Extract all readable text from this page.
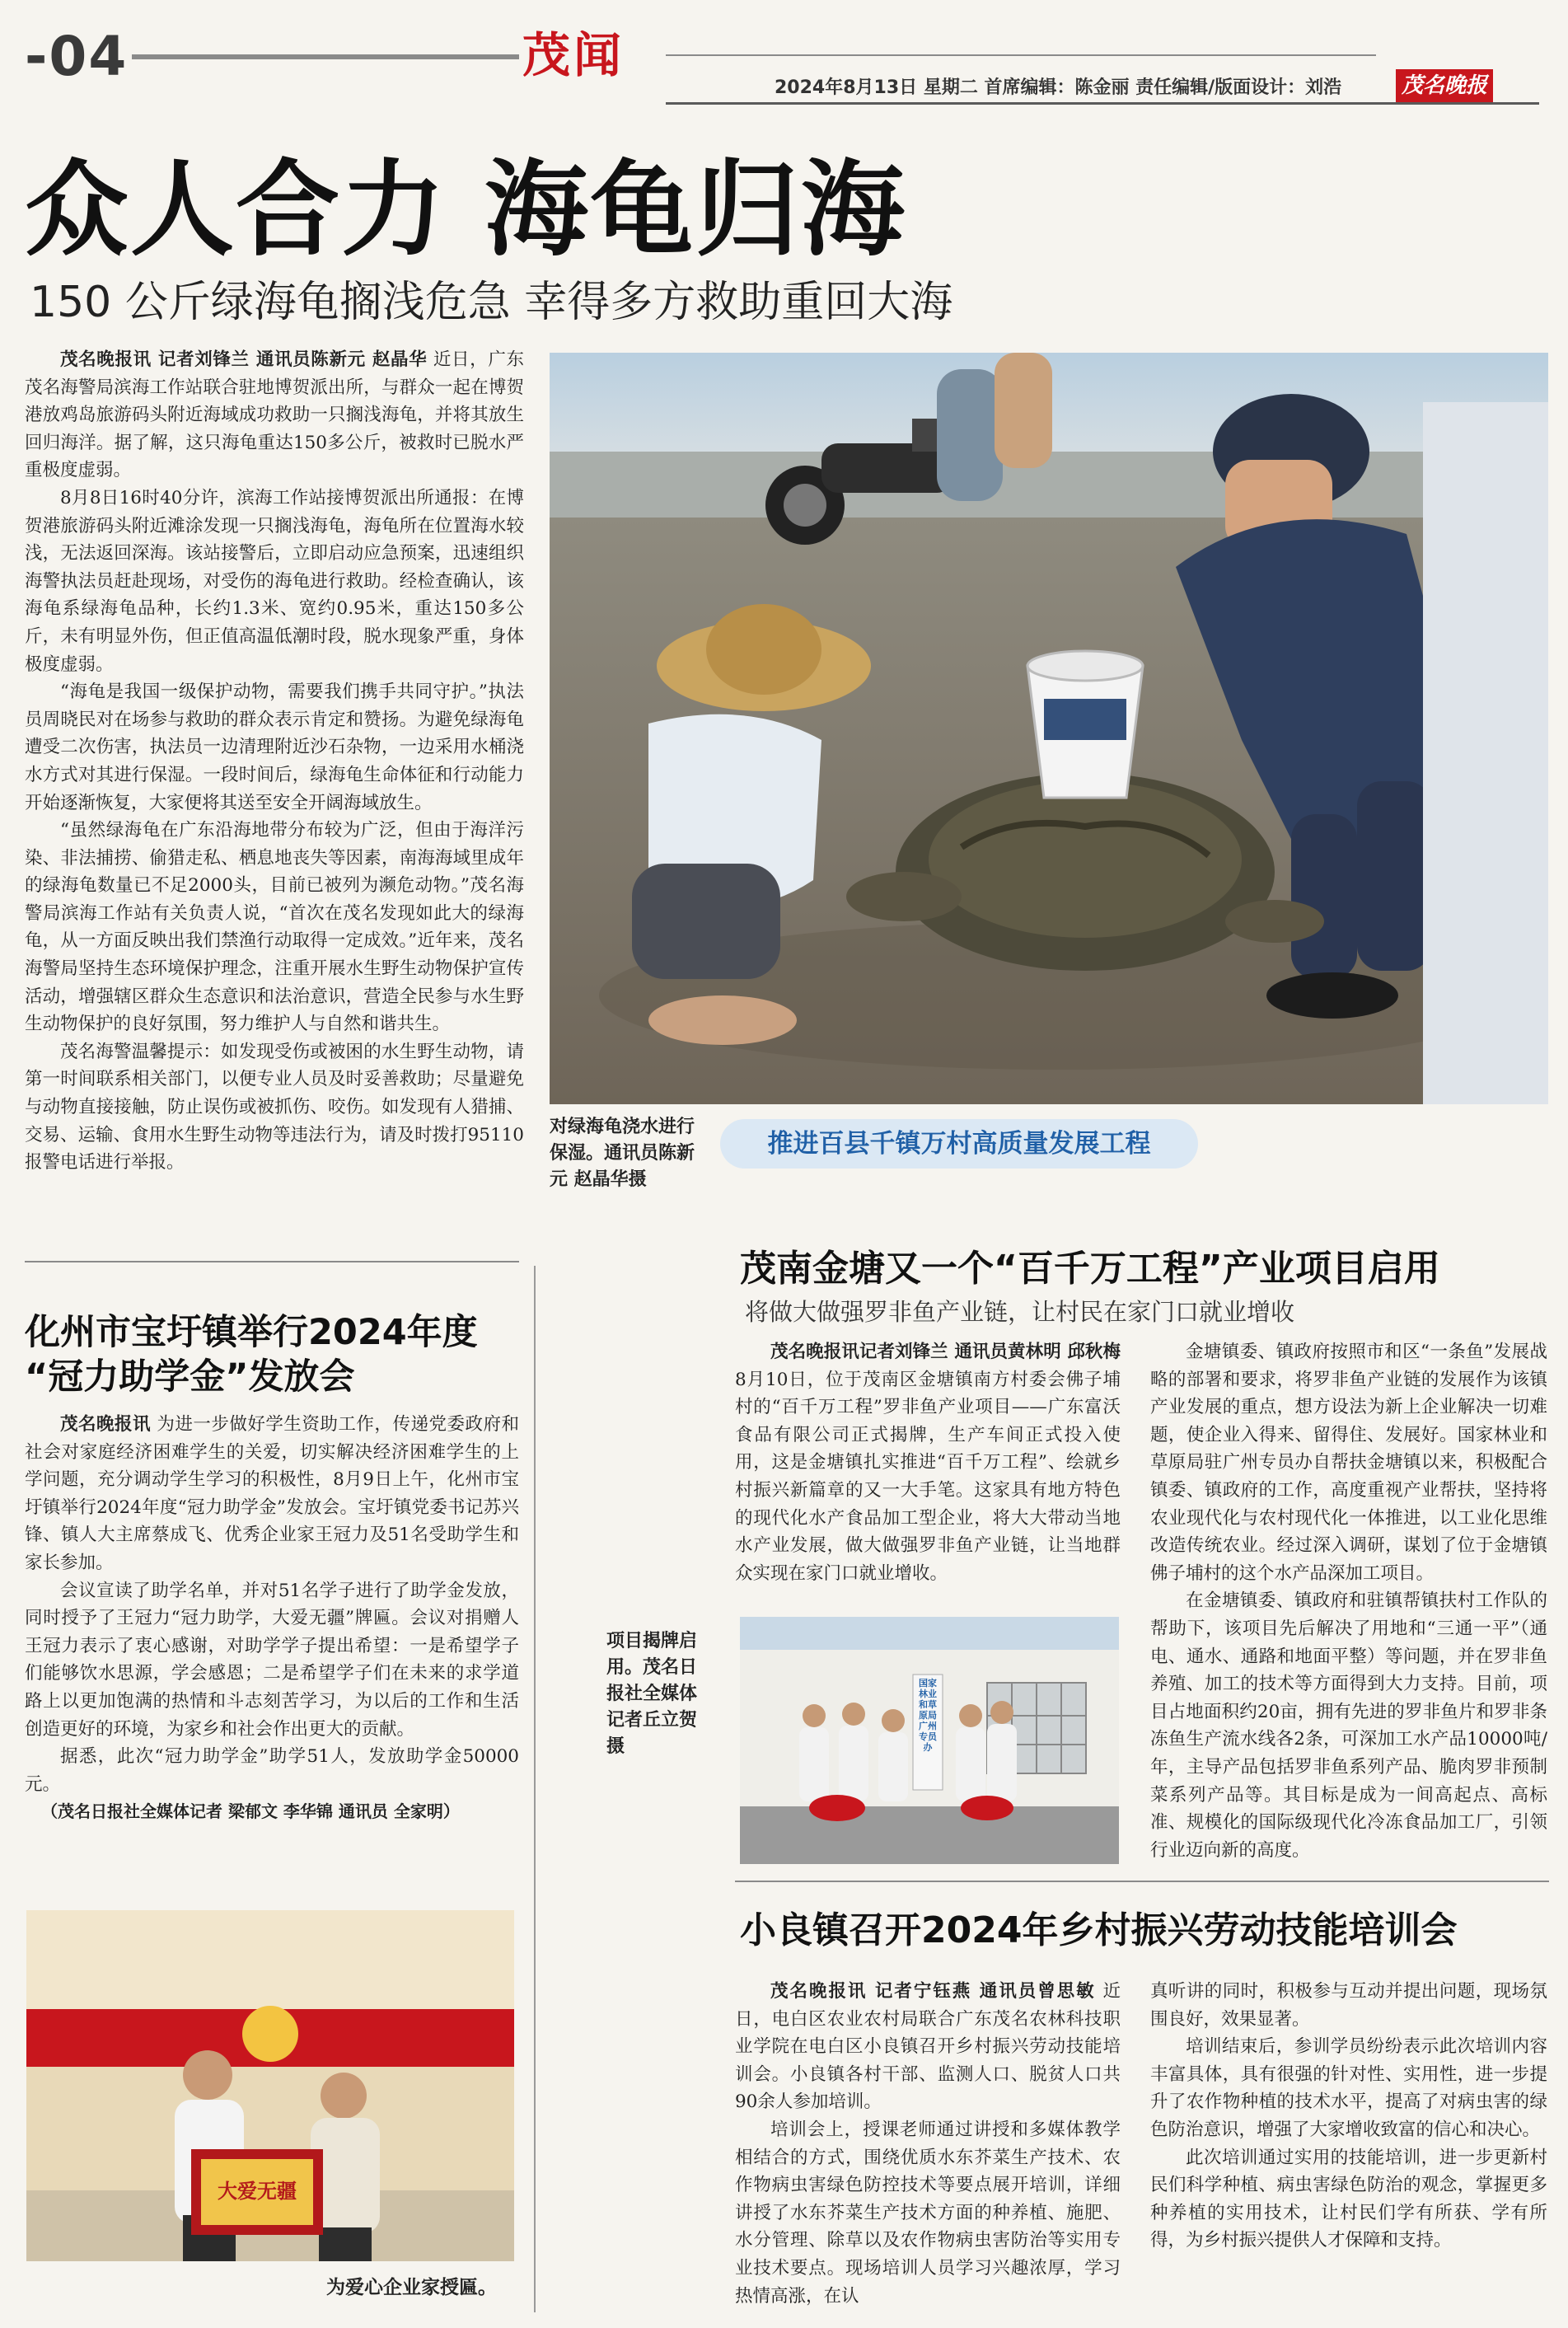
-04	茂闻
2024年8月13日 星期二 首席编辑：陈金丽 责任编辑/版面设计：刘浩	茂名晚报
众人合力 海龟归海
150 公斤绿海龟搁浅危急 幸得多方救助重回大海

茂名晚报讯 记者刘锋兰 通讯员陈新元 赵晶华 近日，广东茂名海警局滨海工作站联合驻地博贺派出所，与群众一起在博贺港放鸡岛旅游码头附近海域成功救助一只搁浅海龟，并将其放生回归海洋。据了解，这只海龟重达150多公斤，被救时已脱水严重极度虚弱。

8月8日16时40分许，滨海工作站接博贺派出所通报：在博贺港旅游码头附近滩涂发现一只搁浅海龟，海龟所在位置海水较浅，无法返回深海。该站接警后，立即启动应急预案，迅速组织海警执法员赶赴现场，对受伤的海龟进行救助。经检查确认，该海龟系绿海龟品种，长约1.3米、宽约0.95米，重达150多公斤，未有明显外伤，但正值高温低潮时段，脱水现象严重，身体极度虚弱。

“海龟是我国一级保护动物，需要我们携手共同守护。”执法员周晓民对在场参与救助的群众表示肯定和赞扬。为避免绿海龟遭受二次伤害，执法员一边清理附近沙石杂物，一边采用水桶浇水方式对其进行保湿。一段时间后，绿海龟生命体征和行动能力开始逐渐恢复，大家便将其送至安全开阔海域放生。

“虽然绿海龟在广东沿海地带分布较为广泛，但由于海洋污染、非法捕捞、偷猎走私、栖息地丧失等因素，南海海域里成年的绿海龟数量已不足2000头，目前已被列为濒危动物。”茂名海警局滨海工作站有关负责人说，“首次在茂名发现如此大的绿海龟，从一方面反映出我们禁渔行动取得一定成效。”近年来，茂名海警局坚持生态环境保护理念，注重开展水生野生动物保护宣传活动，增强辖区群众生态意识和法治意识，营造全民参与水生野生动物保护的良好氛围，努力维护人与自然和谐共生。

茂名海警温馨提示：如发现受伤或被困的水生野生动物，请第一时间联系相关部门，以便专业人员及时妥善救助；尽量避免与动物直接接触，防止误伤或被抓伤、咬伤。如发现有人猎捕、交易、运输、食用水生野生动物等违法行为，请及时拨打95110报警电话进行举报。

对绿海龟浇水进行保湿。通讯员陈新元 赵晶华摄
推进百县千镇万村高质量发展工程
化州市宝圩镇举行2024年度
“冠力助学金”发放会

茂名晚报讯 为进一步做好学生资助工作，传递党委政府和社会对家庭经济困难学生的关爱，切实解决经济困难学生的上学问题，充分调动学生学习的积极性，8月9日上午，化州市宝圩镇举行2024年度“冠力助学金”发放会。宝圩镇党委书记苏兴锋、镇人大主席蔡成飞、优秀企业家王冠力及51名受助学生和家长参加。

会议宣读了助学名单，并对51名学子进行了助学金发放，同时授予了王冠力“冠力助学，大爱无疆”牌匾。会议对捐赠人王冠力表示了衷心感谢，对助学学子提出希望：一是希望学子们能够饮水思源，学会感恩；二是希望学子们在未来的求学道路上以更加饱满的热情和斗志刻苦学习，为以后的工作和生活创造更好的环境，为家乡和社会作出更大的贡献。

据悉，此次“冠力助学金”助学51人，发放助学金50000元。

（茂名日报社全媒体记者 梁郁文 李华锦 通讯员 全家明）

大爱无疆
为爱心企业家授匾。
茂南金塘又一个“百千万工程”产业项目启用
将做大做强罗非鱼产业链，让村民在家门口就业增收

茂名晚报讯记者刘锋兰 通讯员黄林明 邱秋梅 8月10日，位于茂南区金塘镇南方村委会佛子埔村的“百千万工程”罗非鱼产业项目——广东富沃食品有限公司正式揭牌，生产车间正式投入使用，这是金塘镇扎实推进“百千万工程”、绘就乡村振兴新篇章的又一大手笔。这家具有地方特色的现代化水产食品加工型企业，将大大带动当地水产业发展，做大做强罗非鱼产业链，让当地群众实现在家门口就业增收。

金塘镇委、镇政府按照市和区“一条鱼”发展战略的部署和要求，将罗非鱼产业链的发展作为该镇产业发展的重点，想方设法为新上企业解决一切难题，使企业入得来、留得住、发展好。国家林业和草原局驻广州专员办自帮扶金塘镇以来，积极配合镇委、镇政府的工作，高度重视产业帮扶，坚持将农业现代化与农村现代化一体推进，以工业化思维改造传统农业。经过深入调研，谋划了位于金塘镇佛子埔村的这个水产品深加工项目。

在金塘镇委、镇政府和驻镇帮镇扶村工作队的帮助下，该项目先后解决了用地和“三通一平”（通电、通水、通路和地面平整）等问题，并在罗非鱼养殖、加工的技术等方面得到大力支持。目前，项目占地面积约20亩，拥有先进的罗非鱼片和罗非条冻鱼生产流水线各2条，可深加工水产品10000吨/年，主导产品包括罗非鱼系列产品、脆肉罗非预制菜系列产品等。其目标是成为一间高起点、高标准、规模化的国际级现代化冷冻食品加工厂，引领行业迈向新的高度。

国家林业和草原局广州专员办
项目揭牌启用。茂名日报社全媒体记者丘立贺摄
小良镇召开2024年乡村振兴劳动技能培训会

茂名晚报讯 记者宁钰燕 通讯员曾思敏 近日，电白区农业农村局联合广东茂名农林科技职业学院在电白区小良镇召开乡村振兴劳动技能培训会。小良镇各村干部、监测人口、脱贫人口共90余人参加培训。

培训会上，授课老师通过讲授和多媒体教学相结合的方式，围绕优质水东芥菜生产技术、农作物病虫害绿色防控技术等要点展开培训，详细讲授了水东芥菜生产技术方面的种养植、施肥、水分管理、除草以及农作物病虫害防治等实用专业技术要点。现场培训人员学习兴趣浓厚，学习热情高涨，在认

真听讲的同时，积极参与互动并提出问题，现场氛围良好，效果显著。

培训结束后，参训学员纷纷表示此次培训内容丰富具体，具有很强的针对性、实用性，进一步提升了农作物种植的技术水平，提高了对病虫害的绿色防治意识，增强了大家增收致富的信心和决心。

此次培训通过实用的技能培训，进一步更新村民们科学种植、病虫害绿色防治的观念，掌握更多种养植的实用技术，让村民们学有所获、学有所得，为乡村振兴提供人才保障和支持。
